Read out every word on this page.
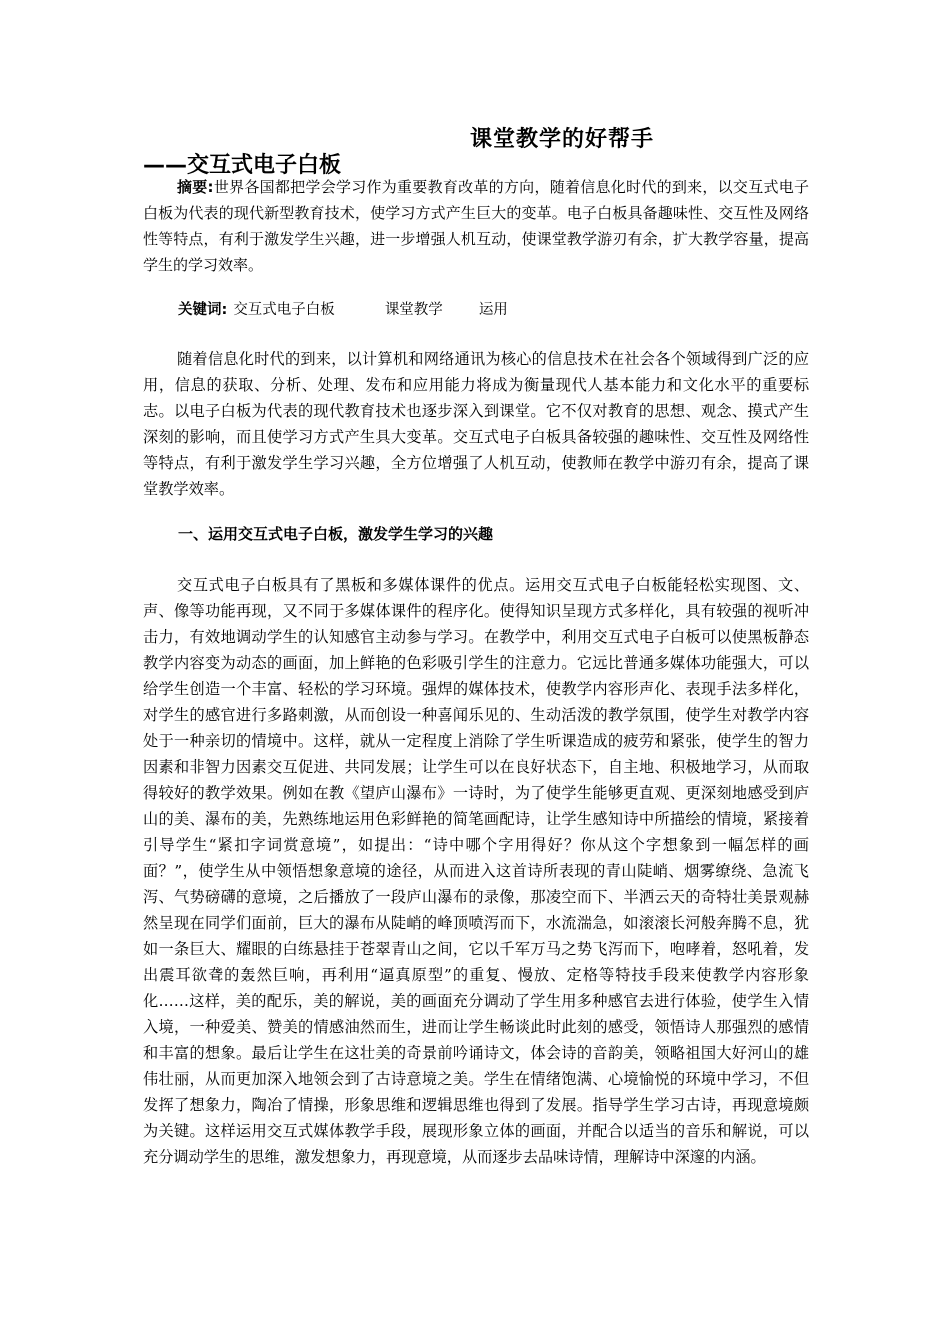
课堂教学的好帮手
——交互式电子白板

摘要:世界各国都把学会学习作为重要教育改革的方向，随着信息化时代的到来，以交互式电子白板为代表的现代新型教育技术，使学习方式产生巨大的变革。电子白板具备趣味性、交互性及网络性等特点，有利于激发学生兴趣，进一步增强人机互动，使课堂教学游刃有余，扩大教学容量，提高学生的学习效率。

关键词: 交互式电子白板	课堂教学 运用

随着信息化时代的到来，以计算机和网络通讯为核心的信息技术在社会各个领域得到广泛的应用，信息的获取、分析、处理、发布和应用能力将成为衡量现代人基本能力和文化水平的重要标志。以电子白板为代表的现代教育技术也逐步深入到课堂。它不仅对教育的思想、观念、摸式产生深刻的影响，而且使学习方式产生具大变革。交互式电子白板具备较强的趣味性、交互性及网络性等特点，有利于激发学生学习兴趣，全方位增强了人机互动，使教师在教学中游刃有余，提高了课堂教学效率。

一、运用交互式电子白板，激发学生学习的兴趣

交互式电子白板具有了黑板和多媒体课件的优点。运用交互式电子白板能轻松实现图、文、声、像等功能再现，又不同于多媒体课件的程序化。使得知识呈现方式多样化，具有较强的视听冲击力，有效地调动学生的认知感官主动参与学习。在教学中，利用交互式电子白板可以使黑板静态教学内容变为动态的画面，加上鲜艳的色彩吸引学生的注意力。它远比普通多媒体功能强大，可以给学生创造一个丰富、轻松的学习环境。强焊的媒体技术，使教学内容形声化、表现手法多样化，对学生的感官进行多路刺激，从而创设一种喜闻乐见的、生动活泼的教学氛围，使学生对教学内容处于一种亲切的情境中。这样，就从一定程度上消除了学生听课造成的疲劳和紧张，使学生的智力因素和非智力因素交互促进、共同发展；让学生可以在良好状态下，自主地、积极地学习，从而取得较好的教学效果。例如在教《望庐山瀑布》一诗时，为了使学生能够更直观、更深刻地感受到庐山的美、瀑布的美，先熟练地运用色彩鲜艳的简笔画配诗，让学生感知诗中所描绘的情境，紧接着引导学生“紧扣字词赏意境”，如提出：“诗中哪个字用得好？你从这个字想象到一幅怎样的画面？”，使学生从中领悟想象意境的途径，从而进入这首诗所表现的青山陡峭、烟雾缭绕、急流飞泻、气势磅礴的意境，之后播放了一段庐山瀑布的录像，那凌空而下、半洒云天的奇特壮美景观赫然呈现在同学们面前，巨大的瀑布从陡峭的峰顶喷泻而下，水流湍急，如滚滚长河般奔腾不息，犹如一条巨大、耀眼的白练悬挂于苍翠青山之间，它以千军万马之势飞泻而下，咆哮着，怒吼着，发出震耳欲聋的轰然巨响，再利用“逼真原型”的重复、慢放、定格等特技手段来使教学内容形象化……这样，美的配乐，美的解说，美的画面充分调动了学生用多种感官去进行体验，使学生入情入境，一种爱美、赞美的情感油然而生，进而让学生畅谈此时此刻的感受，领悟诗人那强烈的感情和丰富的想象。最后让学生在这壮美的奇景前吟诵诗文，体会诗的音韵美，领略祖国大好河山的雄伟壮丽，从而更加深入地领会到了古诗意境之美。学生在情绪饱满、心境愉悦的环境中学习，不但发挥了想象力，陶冶了情操，形象思维和逻辑思维也得到了发展。指导学生学习古诗，再现意境颇为关键。这样运用交互式媒体教学手段，展现形象立体的画面，并配合以适当的音乐和解说，可以充分调动学生的思维，激发想象力，再现意境，从而逐步去品味诗情，理解诗中深邃的内涵。
